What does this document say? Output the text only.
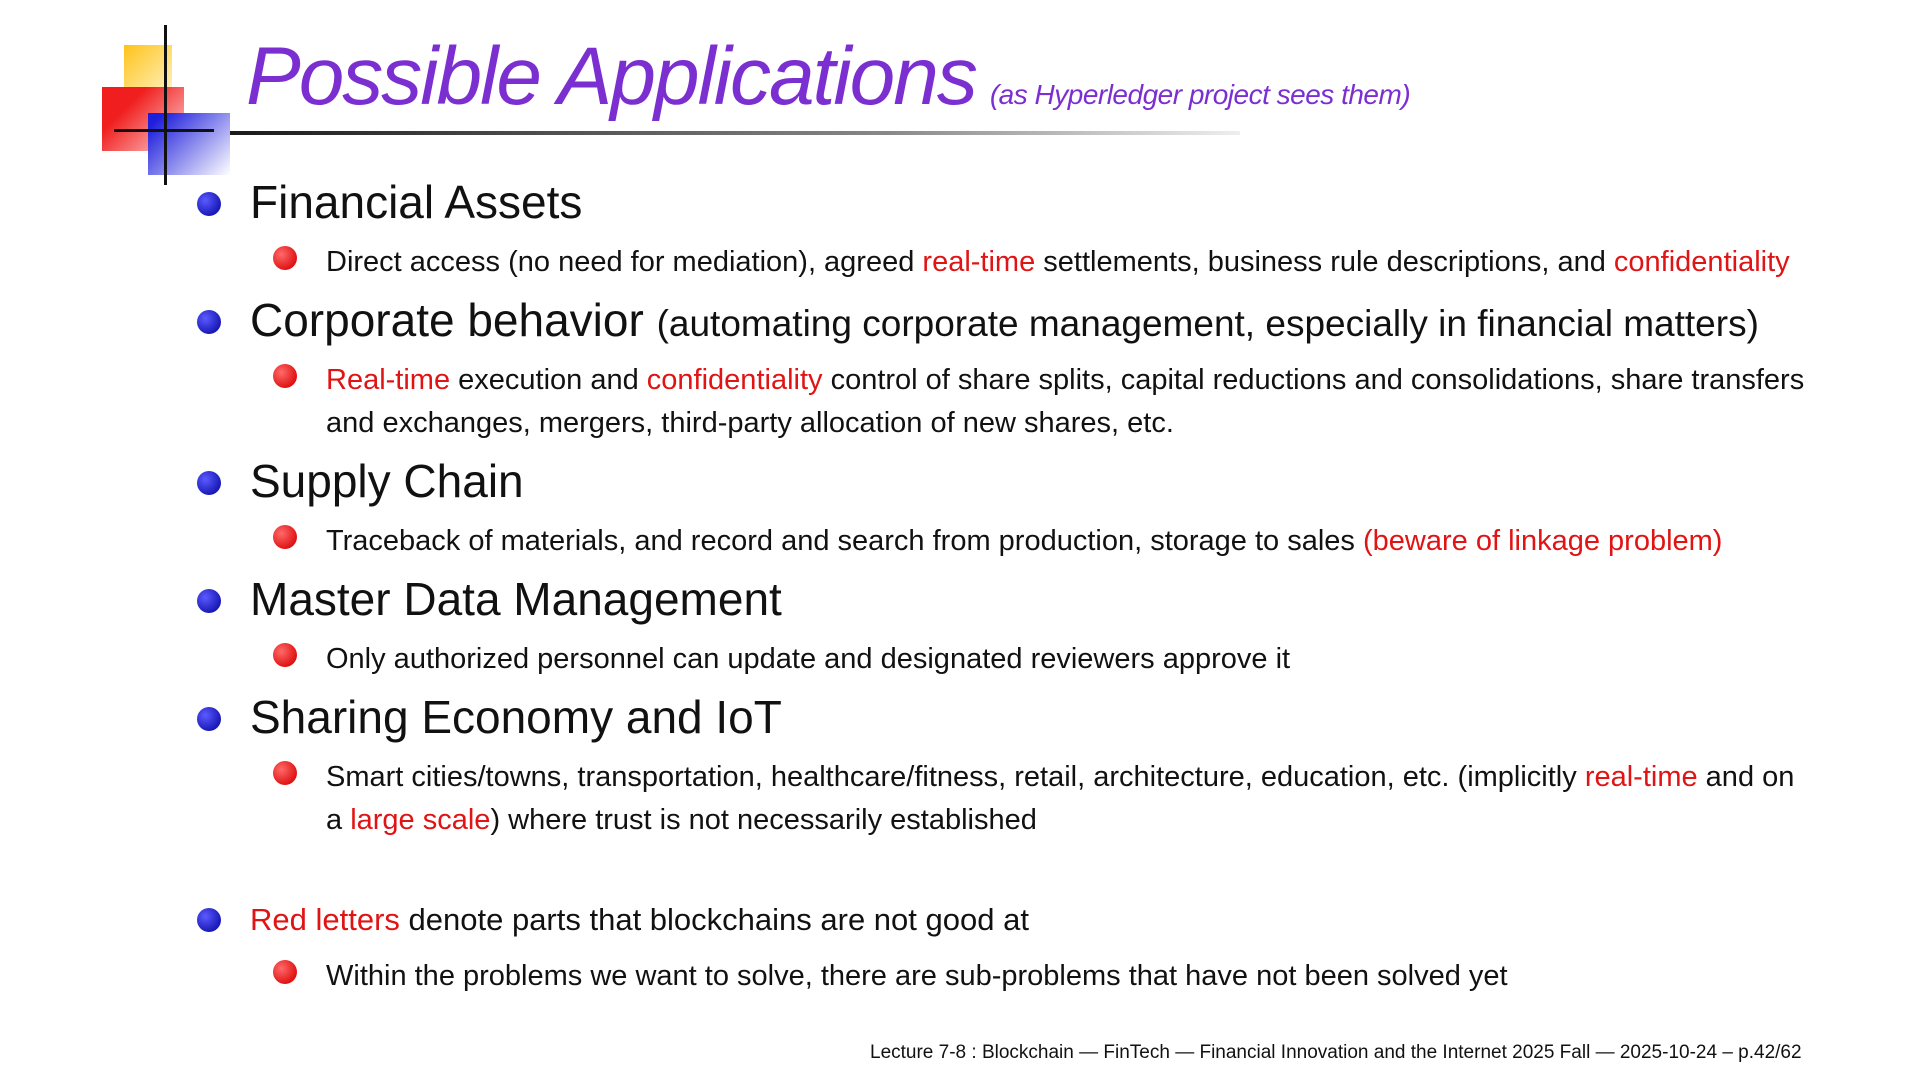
Possible Applications (as Hyperledger project sees them)
Financial Assets
Direct access (no need for mediation), agreed real-time settlements, business rule descriptions, and confidentiality
Corporate behavior (automating corporate management, especially in financial matters)
Real-time execution and confidentiality control of share splits, capital reductions and consolidations, share transfers
and exchanges, mergers, third-party allocation of new shares, etc.
Supply Chain
Traceback of materials, and record and search from production, storage to sales (beware of linkage problem)
Master Data Management
Only authorized personnel can update and designated reviewers approve it
Sharing Economy and IoT
Smart cities/towns, transportation, healthcare/fitness, retail, architecture, education, etc. (implicitly real-time and on
a large scale) where trust is not necessarily established
Red letters denote parts that blockchains are not good at
Within the problems we want to solve, there are sub-problems that have not been solved yet
Lecture 7-8 : Blockchain — FinTech — Financial Innovation and the Internet 2025 Fall — 2025-10-24 – p.42/62
